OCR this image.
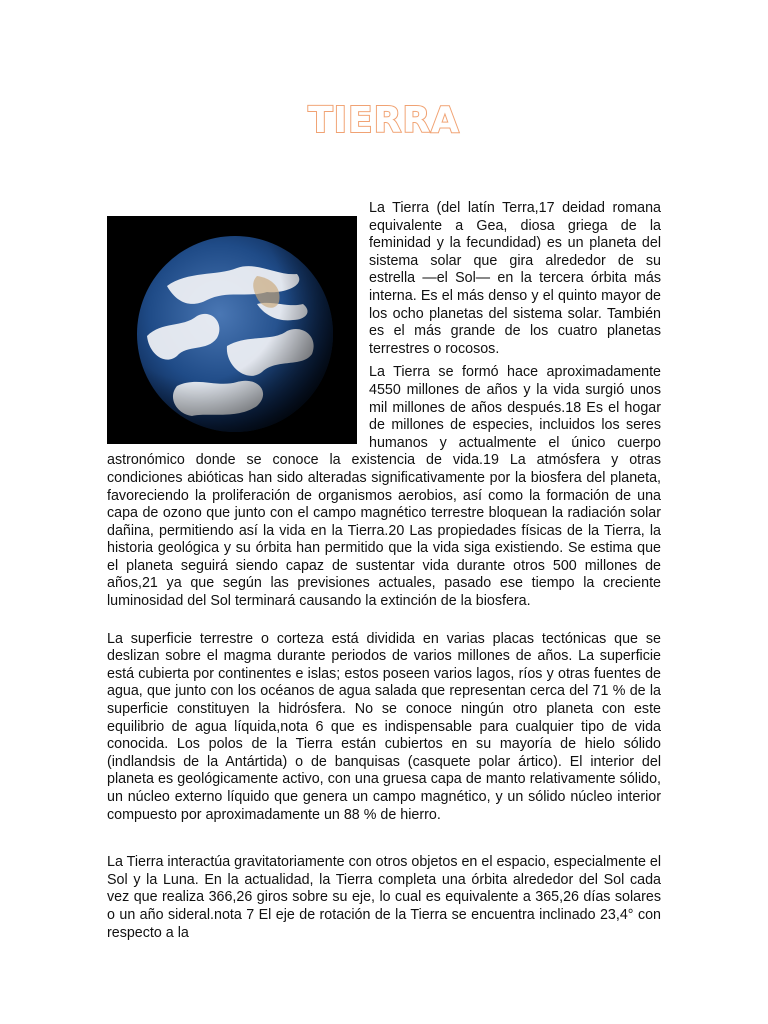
TIERRA

La Tierra (del latín Terra,17 deidad romana equivalente a Gea, diosa griega de la feminidad y la fecundidad) es un planeta del sistema solar que gira alrededor de su estrella —el Sol— en la tercera órbita más interna. Es el más denso y el quinto mayor de los ocho planetas del sistema solar. También es el más grande de los cuatro planetas terrestres o rocosos.

La Tierra se formó hace aproximadamente 4550 millones de años y la vida surgió unos mil millones de años después.18 Es el hogar de millones de especies, incluidos los seres humanos y actualmente el único cuerpo astronómico donde se conoce la existencia de vida.19 La atmósfera y otras condiciones abióticas han sido alteradas significativamente por la biosfera del planeta, favoreciendo la proliferación de organismos aerobios, así como la formación de una capa de ozono que junto con el campo magnético terrestre bloquean la radiación solar dañina, permitiendo así la vida en la Tierra.20 Las propiedades físicas de la Tierra, la historia geológica y su órbita han permitido que la vida siga existiendo. Se estima que el planeta seguirá siendo capaz de sustentar vida durante otros 500 millones de años,21 ya que según las previsiones actuales, pasado ese tiempo la creciente luminosidad del Sol terminará causando la extinción de la biosfera.

La superficie terrestre o corteza está dividida en varias placas tectónicas que se deslizan sobre el magma durante periodos de varios millones de años. La superficie está cubierta por continentes e islas; estos poseen varios lagos, ríos y otras fuentes de agua, que junto con los océanos de agua salada que representan cerca del 71 % de la superficie constituyen la hidrósfera. No se conoce ningún otro planeta con este equilibrio de agua líquida,nota 6 que es indispensable para cualquier tipo de vida conocida. Los polos de la Tierra están cubiertos en su mayoría de hielo sólido (indlandsis de la Antártida) o de banquisas (casquete polar ártico). El interior del planeta es geológicamente activo, con una gruesa capa de manto relativamente sólido, un núcleo externo líquido que genera un campo magnético, y un sólido núcleo interior compuesto por aproximadamente un 88 % de hierro.

La Tierra interactúa gravitatoriamente con otros objetos en el espacio, especialmente el Sol y la Luna. En la actualidad, la Tierra completa una órbita alrededor del Sol cada vez que realiza 366,26 giros sobre su eje, lo cual es equivalente a 365,26 días solares o un año sideral.nota 7 El eje de rotación de la Tierra se encuentra inclinado 23,4° con respecto a la
